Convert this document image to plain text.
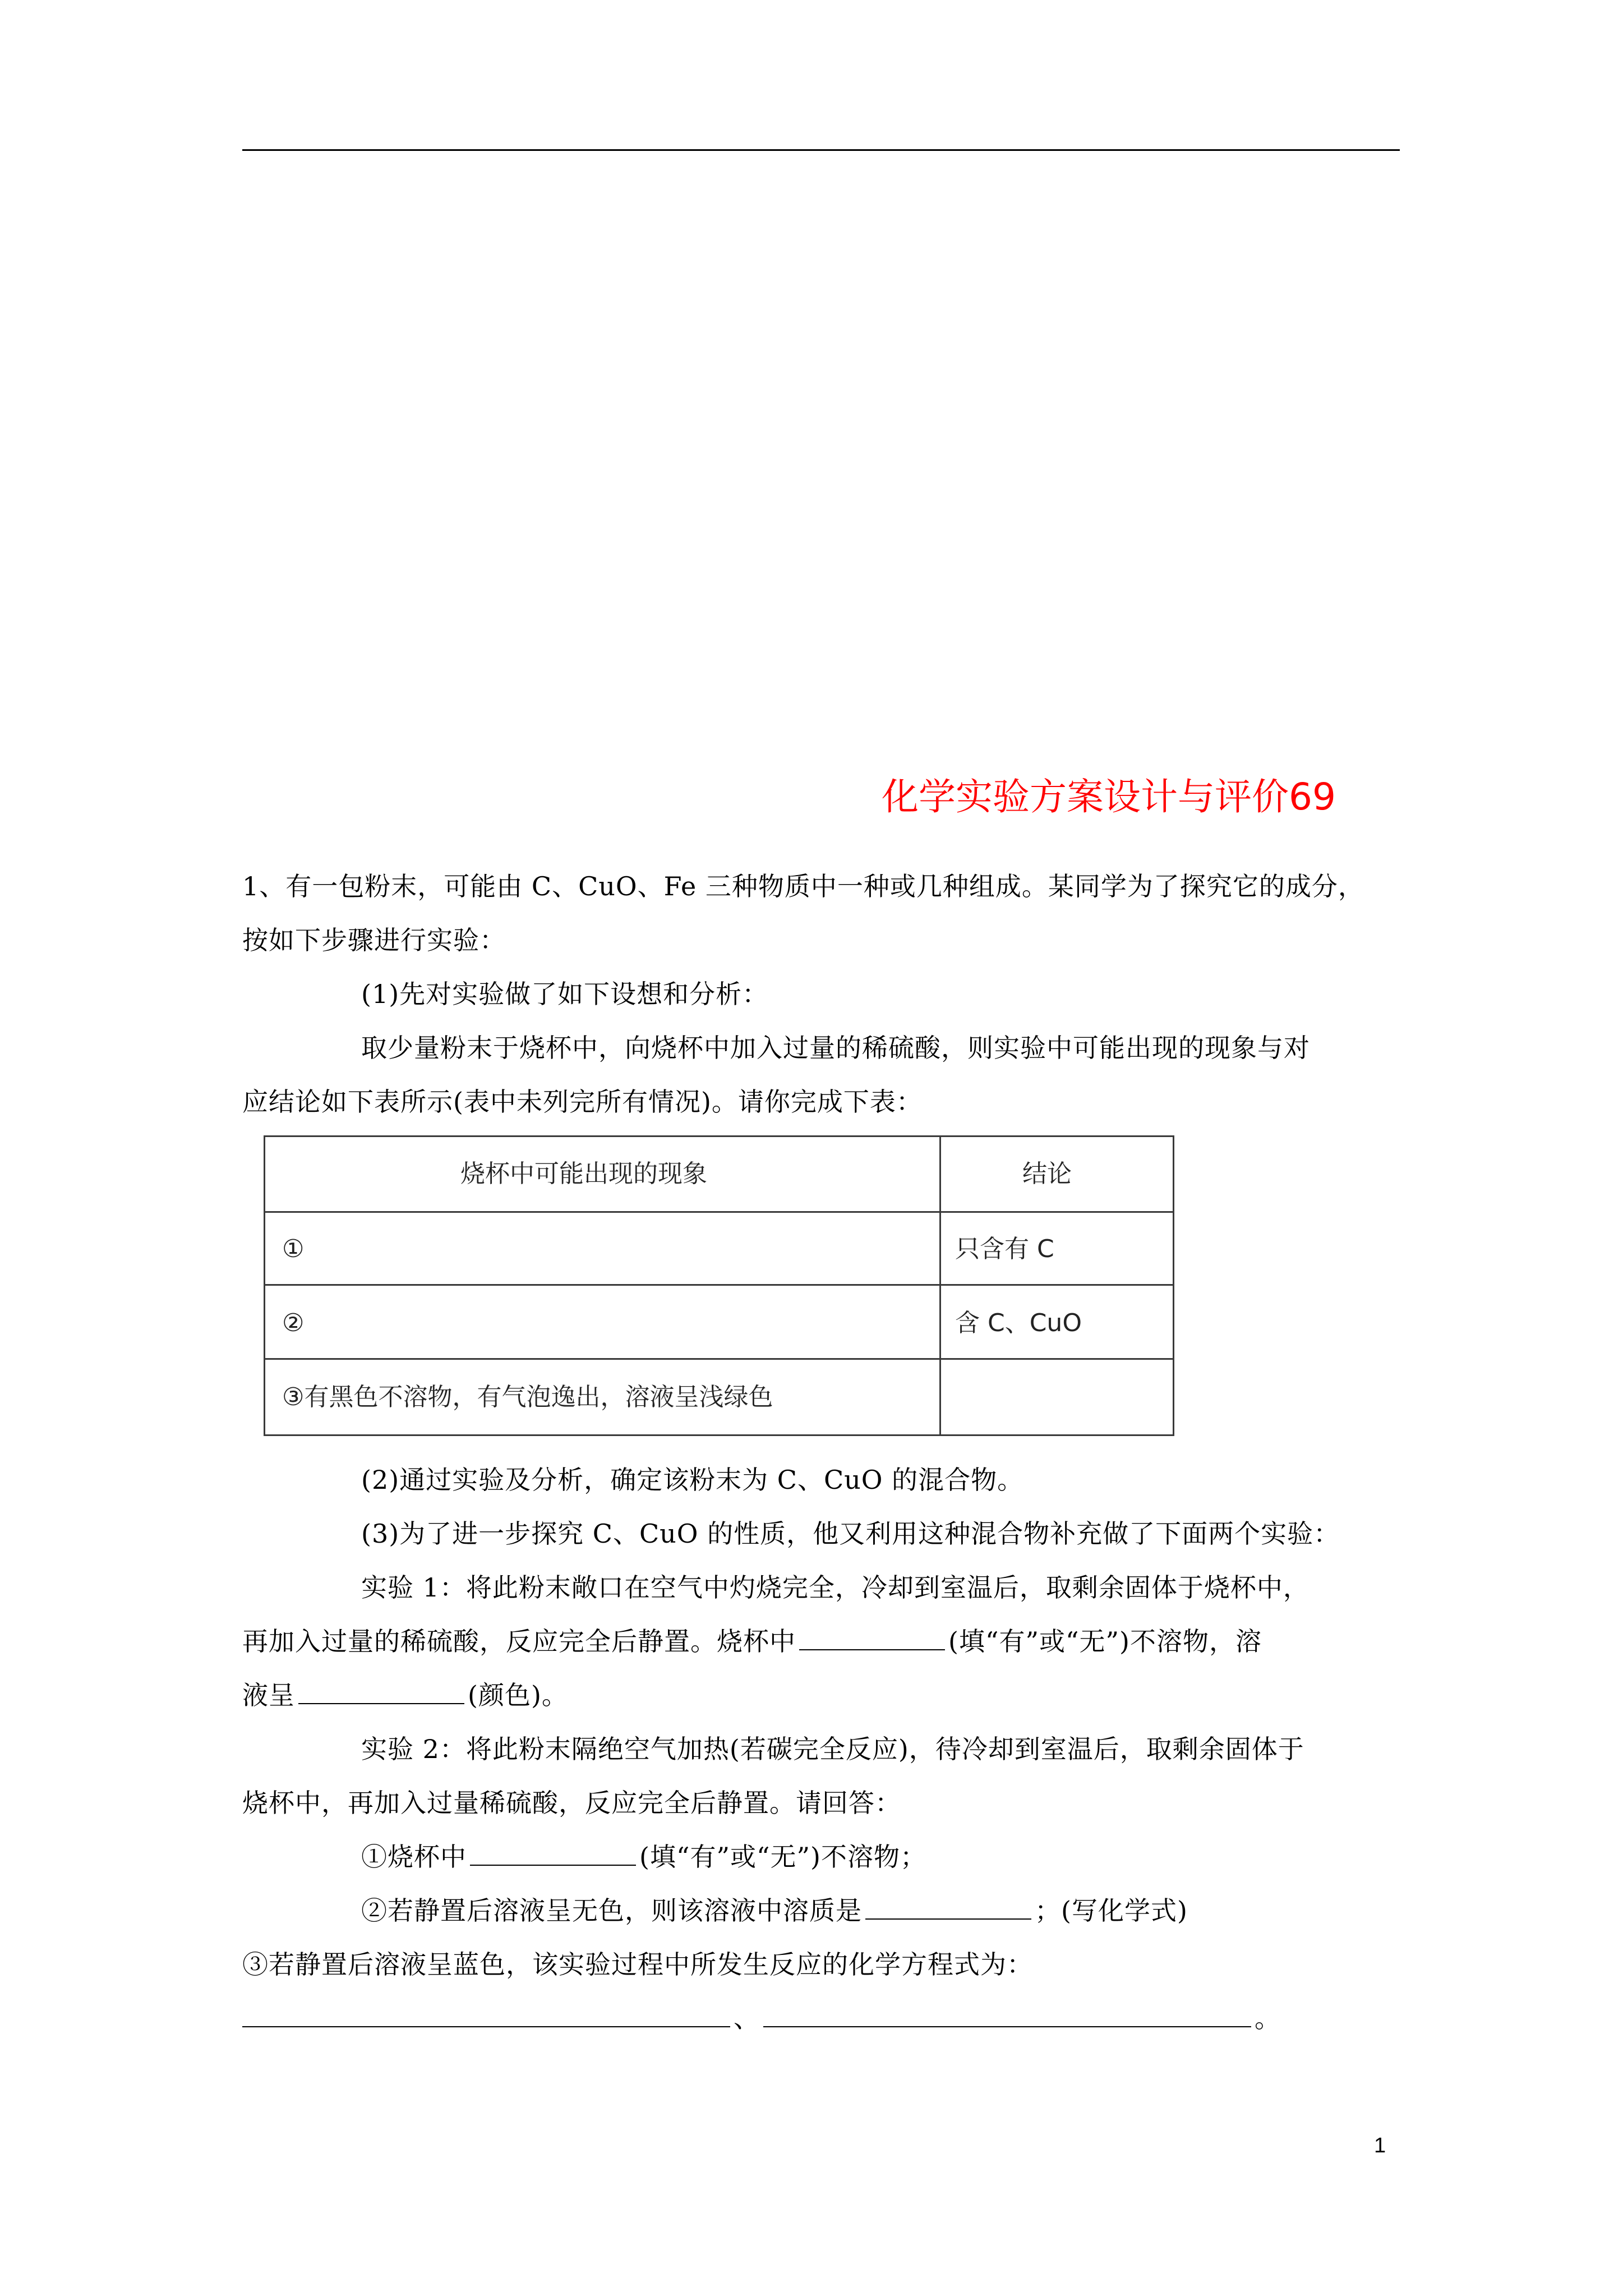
化学实验方案设计与评价69
1、有一包粉末，可能由 C、CuO、Fe 三种物质中一种或几种组成。某同学为了探究它的成分，
按如下步骤进行实验：
(1)先对实验做了如下设想和分析：
取少量粉末于烧杯中，向烧杯中加入过量的稀硫酸，则实验中可能出现的现象与对
应结论如下表所示(表中未列完所有情况)。请你完成下表：
烧杯中可能出现的现象	结论
①	只含有 C
②	含 C、CuO
③有黑色不溶物，有气泡逸出，溶液呈浅绿色
(2)通过实验及分析，确定该粉末为 C、CuO 的混合物。
(3)为了进一步探究 C、CuO 的性质，他又利用这种混合物补充做了下面两个实验：
实验 1：将此粉末敞口在空气中灼烧完全，冷却到室温后，取剩余固体于烧杯中，
再加入过量的稀硫酸，反应完全后静置。烧杯中	(填“有”或“无”)不溶物，溶
液呈	(颜色)。
实验 2：将此粉末隔绝空气加热(若碳完全反应)，待冷却到室温后，取剩余固体于
烧杯中，再加入过量稀硫酸，反应完全后静置。请回答：
①烧杯中	(填“有”或“无”)不溶物；
②若静置后溶液呈无色，则该溶液中溶质是	；(写化学式)
③若静置后溶液呈蓝色，该实验过程中所发生反应的化学方程式为：
、	。
1
